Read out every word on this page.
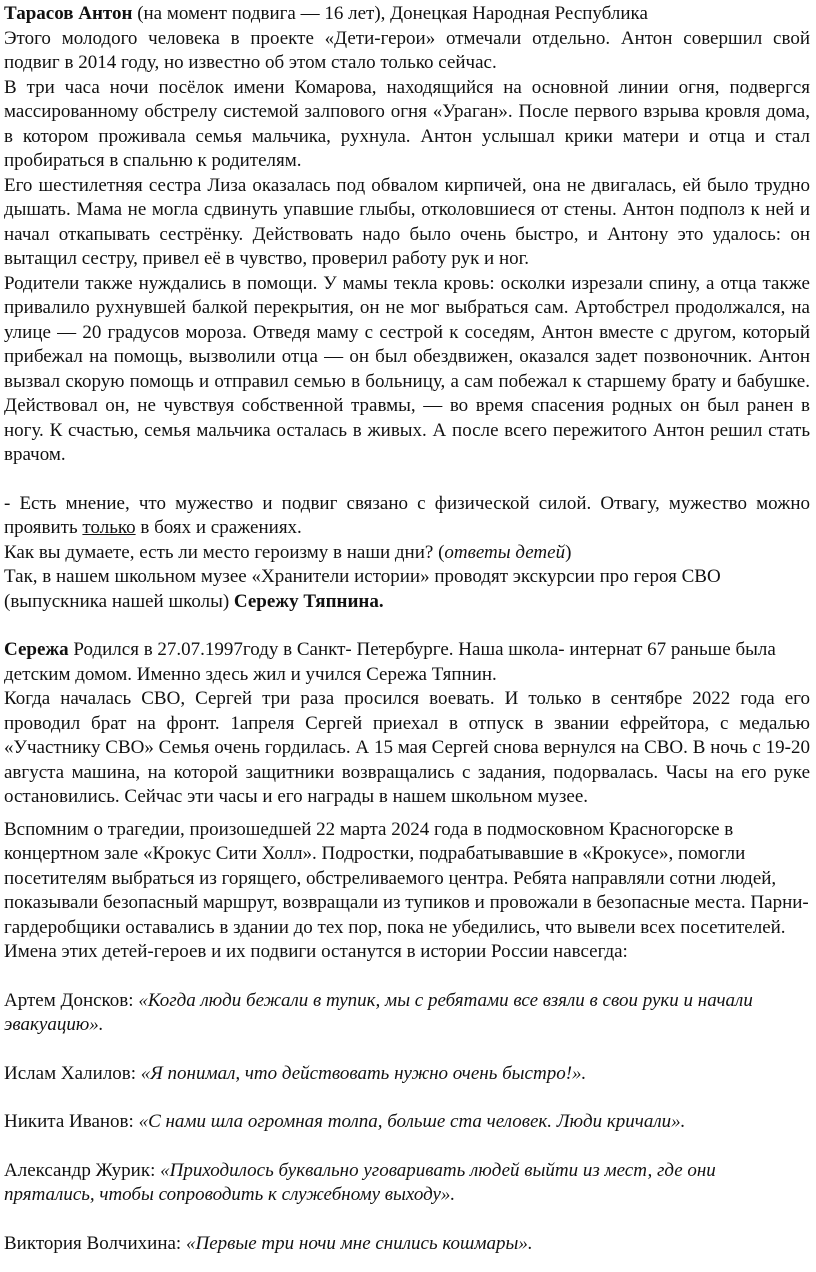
Тарасов Антон (на момент подвига — 16 лет), Донецкая Народная Республика

Этого молодого человека в проекте «Дети-герои» отмечали отдельно. Антон совершил свой подвиг в 2014 году, но известно об этом стало только сейчас.

В три часа ночи посёлок имени Комарова, находящийся на основной линии огня, подвергся массированному обстрелу системой залпового огня «Ураган». После первого взрыва кровля дома, в котором проживала семья мальчика, рухнула. Антон услышал крики матери и отца и стал пробираться в спальню к родителям.

Его шестилетняя сестра Лиза оказалась под обвалом кирпичей, она не двигалась, ей было трудно дышать. Мама не могла сдвинуть упавшие глыбы, отколовшиеся от стены. Антон подполз к ней и начал откапывать сестрёнку. Действовать надо было очень быстро, и Антону это удалось: он вытащил сестру, привел её в чувство, проверил работу рук и ног.

Родители также нуждались в помощи. У мамы текла кровь: осколки изрезали спину, а отца также привалило рухнувшей балкой перекрытия, он не мог выбраться сам. Артобстрел продолжался, на улице — 20 градусов мороза. Отведя маму с сестрой к соседям, Антон вместе с другом, который прибежал на помощь, вызволили отца — он был обездвижен, оказался задет позвоночник. Антон вызвал скорую помощь и отправил семью в больницу, а сам побежал к старшему брату и бабушке. Действовал он, не чувствуя собственной травмы, — во время спасения родных он был ранен в ногу. К счастью, семья мальчика осталась в живых. А после всего пережитого Антон решил стать врачом.

- Есть мнение, что мужество и подвиг связано с физической силой. Отвагу, мужество можно проявить только в боях и сражениях.

Как вы думаете, есть ли место героизму в наши дни? (ответы детей)

Так, в нашем школьном музее «Хранители истории» проводят экскурсии про героя СВО (выпускника нашей школы) Сережу Тяпнина.

Сережа Родился в 27.07.1997году в Санкт- Петербурге. Наша школа- интернат 67 раньше была детским домом. Именно здесь жил и учился Сережа Тяпнин.

Когда началась СВО, Сергей три раза просился воевать. И только в сентябре 2022 года его проводил брат на фронт. 1апреля Сергей приехал в отпуск в звании ефрейтора, с медалью «Участнику СВО» Семья очень гордилась. А 15 мая Сергей снова вернулся на СВО. В ночь с 19-20 августа машина, на которой защитники возвращались с задания, подорвалась. Часы на его руке остановились. Сейчас эти часы и его награды в нашем школьном музее.

Вспомним о трагедии, произошедшей 22 марта 2024 года в подмосковном Красногорске в концертном зале «Крокус Сити Холл». Подростки, подрабатывавшие в «Крокусе», помогли посетителям выбраться из горящего, обстреливаемого центра. Ребята направляли сотни людей, показывали безопасный маршрут, возвращали из тупиков и провожали в безопасные места. Парни-гардеробщики оставались в здании до тех пор, пока не убедились, что вывели всех посетителей. Имена этих детей-героев и их подвиги останутся в истории России навсегда:

Артем Донсков: «Когда люди бежали в тупик, мы с ребятами все взяли в свои руки и начали эвакуацию».

Ислам Халилов: «Я понимал, что действовать нужно очень быстро!».

Никита Иванов: «С нами шла огромная толпа, больше ста человек. Люди кричали».

Александр Журик: «Приходилось буквально уговаривать людей выйти из мест, где они прятались, чтобы сопроводить к служебному выходу».

Виктория Волчихина: «Первые три ночи мне снились кошмары».
